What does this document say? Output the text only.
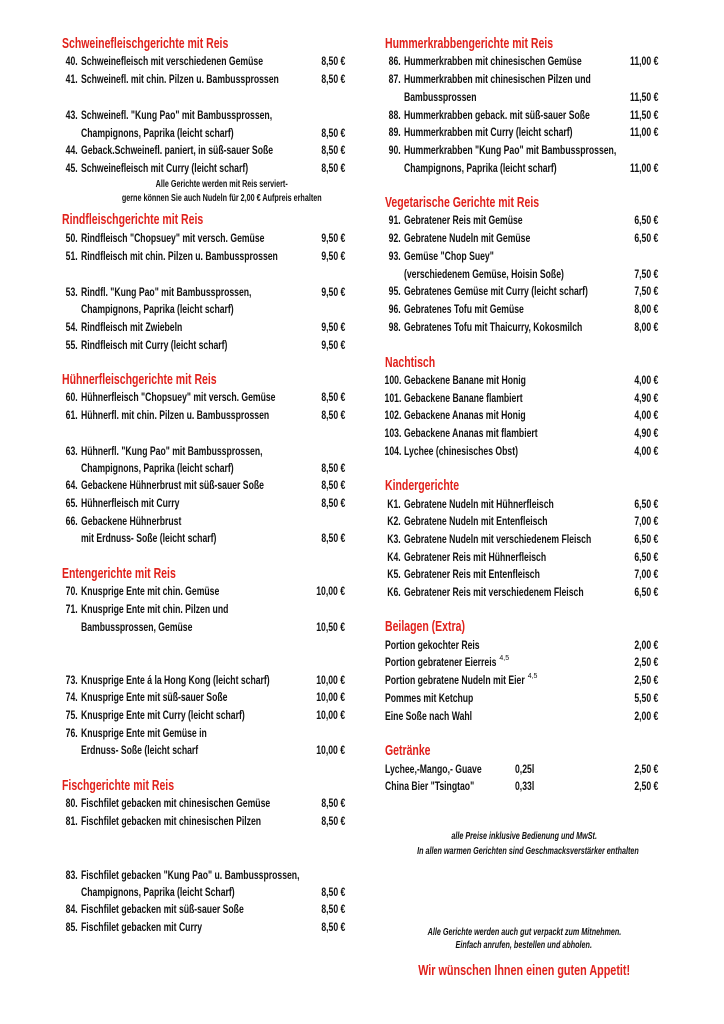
Schweinefleischgerichte mit Reis
40. Schweinefleisch mit verschiedenen Gemüse	8,50 €
41. Schweinefl. mit chin. Pilzen u. Bambussprossen	8,50 €
43. Schweinefl. "Kung Pao" mit Bambussprossen,
Champignons, Paprika (leicht scharf)	8,50 €
44. Geback.Schweinefl. paniert, in süß-sauer Soße	8,50 €
45. Schweinefleisch mit Curry (leicht scharf)	8,50 €
Alle Gerichte werden mit Reis serviert-
gerne können Sie auch Nudeln für 2,00 € Aufpreis erhalten
Rindfleischgerichte mit Reis
50. Rindfleisch "Chopsuey" mit versch. Gemüse	9,50 €
51. Rindfleisch mit chin. Pilzen u. Bambussprossen	9,50 €
53. Rindfl. "Kung Pao" mit Bambussprossen,	9,50 €
Champignons, Paprika (leicht scharf)
54. Rindfleisch mit Zwiebeln	9,50 €
55. Rindfleisch mit Curry (leicht scharf)	9,50 €
Hühnerfleischgerichte mit Reis
60. Hühnerfleisch "Chopsuey" mit versch. Gemüse	8,50 €
61. Hühnerfl. mit chin. Pilzen u. Bambussprossen	8,50 €
63. Hühnerfl. "Kung Pao" mit Bambussprossen,
Champignons, Paprika (leicht scharf)	8,50 €
64. Gebackene Hühnerbrust mit süß-sauer Soße	8,50 €
65. Hühnerfleisch mit Curry	8,50 €
66. Gebackene Hühnerbrust
mit Erdnuss- Soße (leicht scharf)	8,50 €
Entengerichte mit Reis
70. Knusprige Ente mit chin. Gemüse	10,00 €
71. Knusprige Ente mit chin. Pilzen und
Bambussprossen, Gemüse	10,50 €
73. Knusprige Ente á la Hong Kong (leicht scharf)	10,00 €
74. Knusprige Ente mit süß-sauer Soße	10,00 €
75. Knusprige Ente mit Curry (leicht scharf)	10,00 €
76. Knusprige Ente mit Gemüse in
Erdnuss- Soße (leicht scharf	10,00 €
Fischgerichte mit Reis
80. Fischfilet gebacken mit chinesischen Gemüse	8,50 €
81. Fischfilet gebacken mit chinesischen Pilzen	8,50 €
83. Fischfilet gebacken "Kung Pao" u. Bambussprossen,
Champignons, Paprika (leicht Scharf)	8,50 €
84. Fischfilet gebacken mit süß-sauer Soße	8,50 €
85. Fischfilet gebacken mit Curry	8,50 €
Hummerkrabbengerichte mit Reis
86. Hummerkrabben mit chinesischen Gemüse	11,00 €
87. Hummerkrabben mit chinesischen Pilzen und
Bambussprossen	11,50 €
88. Hummerkrabben geback. mit süß-sauer Soße	11,50 €
89. Hummerkrabben mit Curry (leicht scharf)	11,00 €
90. Hummerkrabben "Kung Pao" mit Bambussprossen,
Champignons, Paprika (leicht scharf)	11,00 €
Vegetarische Gerichte mit Reis
91. Gebratener Reis mit Gemüse	6,50 €
92. Gebratene Nudeln mit Gemüse	6,50 €
93. Gemüse "Chop Suey"
(verschiedenem Gemüse, Hoisin Soße)	7,50 €
95. Gebratenes Gemüse mit Curry (leicht scharf)	7,50 €
96. Gebratenes Tofu mit Gemüse	8,00 €
98. Gebratenes Tofu mit Thaicurry, Kokosmilch	8,00 €
Nachtisch
100. Gebackene Banane mit Honig	4,00 €
101. Gebackene Banane flambiert	4,90 €
102. Gebackene Ananas mit Honig	4,00 €
103. Gebackene Ananas mit flambiert	4,90 €
104. Lychee (chinesisches Obst)	4,00 €
Kindergerichte
K1. Gebratene Nudeln mit Hühnerfleisch	6,50 €
K2. Gebratene Nudeln mit Entenfleisch	7,00 €
K3. Gebratene Nudeln mit verschiedenem Fleisch	6,50 €
K4. Gebratener Reis mit Hühnerfleisch	6,50 €
K5. Gebratener Reis mit Entenfleisch	7,00 €
K6. Gebratener Reis mit verschiedenem Fleisch	6,50 €
Beilagen (Extra)
Portion gekochter Reis	2,00 €
Portion gebratener Eierreis 4,5	2,50 €
Portion gebratene Nudeln mit Eier 4,5	2,50 €
Pommes mit Ketchup	5,50 €
Eine Soße nach Wahl	2,00 €
Getränke
Lychee,-Mango,- Guave	0,25l	2,50 €
China Bier "Tsingtao"	0,33l	2,50 €
alle Preise inklusive Bedienung und MwSt.
In allen warmen Gerichten sind Geschmacksverstärker enthalten
Alle Gerichte werden auch gut verpackt zum Mitnehmen.
Einfach anrufen, bestellen und abholen.
Wir wünschen Ihnen einen guten Appetit!
